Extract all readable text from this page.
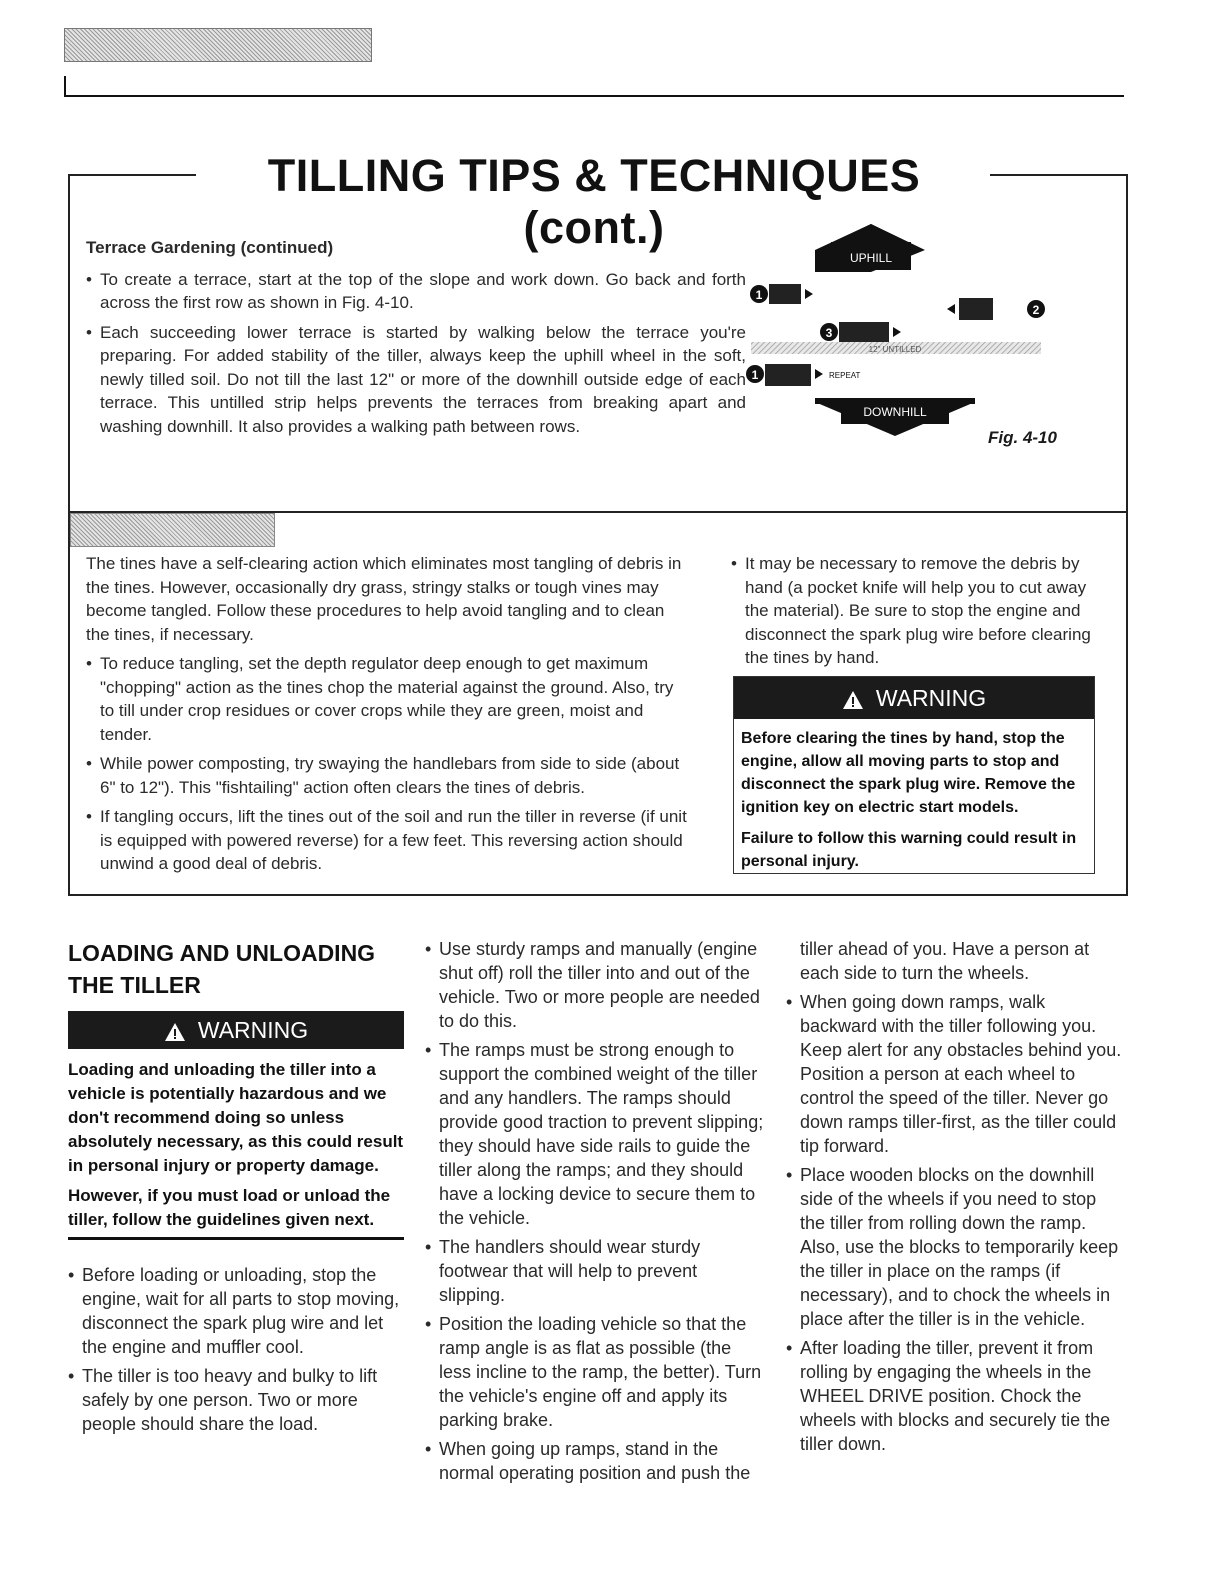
TILLING TIPS & TECHNIQUES (cont.)
Terrace Gardening (continued)
• To create a terrace, start at the top of the slope and work down. Go back and forth across the first row as shown in Fig. 4-10.
• Each succeeding lower terrace is started by walking below the terrace you're preparing. For added stability of the tiller, always keep the uphill wheel in the soft, newly tilled soil. Do not till the last 12" or more of the downhill outside edge of each terrace. This untilled strip helps prevents the terraces from breaking apart and washing downhill. It also provides a walking path between rows.
UPHILL
1
2
3
12" UNTILLED
1	REPEAT
DOWNHILL
Fig. 4-10

The tines have a self-clearing action which eliminates most tangling of debris in the tines. However, occasionally dry grass, stringy stalks or tough vines may become tangled. Follow these procedures to help avoid tangling and to clean the tines, if necessary.

• To reduce tangling, set the depth regulator deep enough to get maximum "chopping" action as the tines chop the material against the ground. Also, try to till under crop residues or cover crops while they are green, moist and tender.
• While power composting, try swaying the handlebars from side to side (about 6" to 12"). This "fishtailing" action often clears the tines of debris.
• If tangling occurs, lift the tines out of the soil and run the tiller in reverse (if unit is equipped with powered reverse) for a few feet. This reversing action should unwind a good deal of debris.
• It may be necessary to remove the debris by hand (a pocket knife will help you to cut away the material). Be sure to stop the engine and disconnect the spark plug wire before clearing the tines by hand.
WARNING

Before clearing the tines by hand, stop the engine, allow all moving parts to stop and disconnect the spark plug wire. Remove the ignition key on electric start models.

Failure to follow this warning could result in personal injury.

LOADING AND UNLOADING
THE TILLER
WARNING

Loading and unloading the tiller into a vehicle is potentially hazardous and we don't recommend doing so unless absolutely necessary, as this could result in personal injury or property damage.

However, if you must load or unload the tiller, follow the guidelines given next.

• Before loading or unloading, stop the engine, wait for all parts to stop moving, disconnect the spark plug wire and let the engine and muffler cool.
• The tiller is too heavy and bulky to lift safely by one person. Two or more people should share the load.
• Use sturdy ramps and manually (engine shut off) roll the tiller into and out of the vehicle. Two or more people are needed to do this.
• The ramps must be strong enough to support the combined weight of the tiller and any handlers. The ramps should provide good traction to prevent slipping; they should have side rails to guide the tiller along the ramps; and they should have a locking device to secure them to the vehicle.
• The handlers should wear sturdy footwear that will help to prevent slipping.
• Position the loading vehicle so that the ramp angle is as flat as possible (the less incline to the ramp, the better). Turn the vehicle's engine off and apply its parking brake.
• When going up ramps, stand in the normal operating position and push the
tiller ahead of you. Have a person at each side to turn the wheels.
• When going down ramps, walk backward with the tiller following you. Keep alert for any obstacles behind you. Position a person at each wheel to control the speed of the tiller. Never go down ramps tiller-first, as the tiller could tip forward.
• Place wooden blocks on the downhill side of the wheels if you need to stop the tiller from rolling down the ramp. Also, use the blocks to temporarily keep the tiller in place on the ramps (if necessary), and to chock the wheels in place after the tiller is in the vehicle.
• After loading the tiller, prevent it from rolling by engaging the wheels in the WHEEL DRIVE position. Chock the wheels with blocks and securely tie the tiller down.
